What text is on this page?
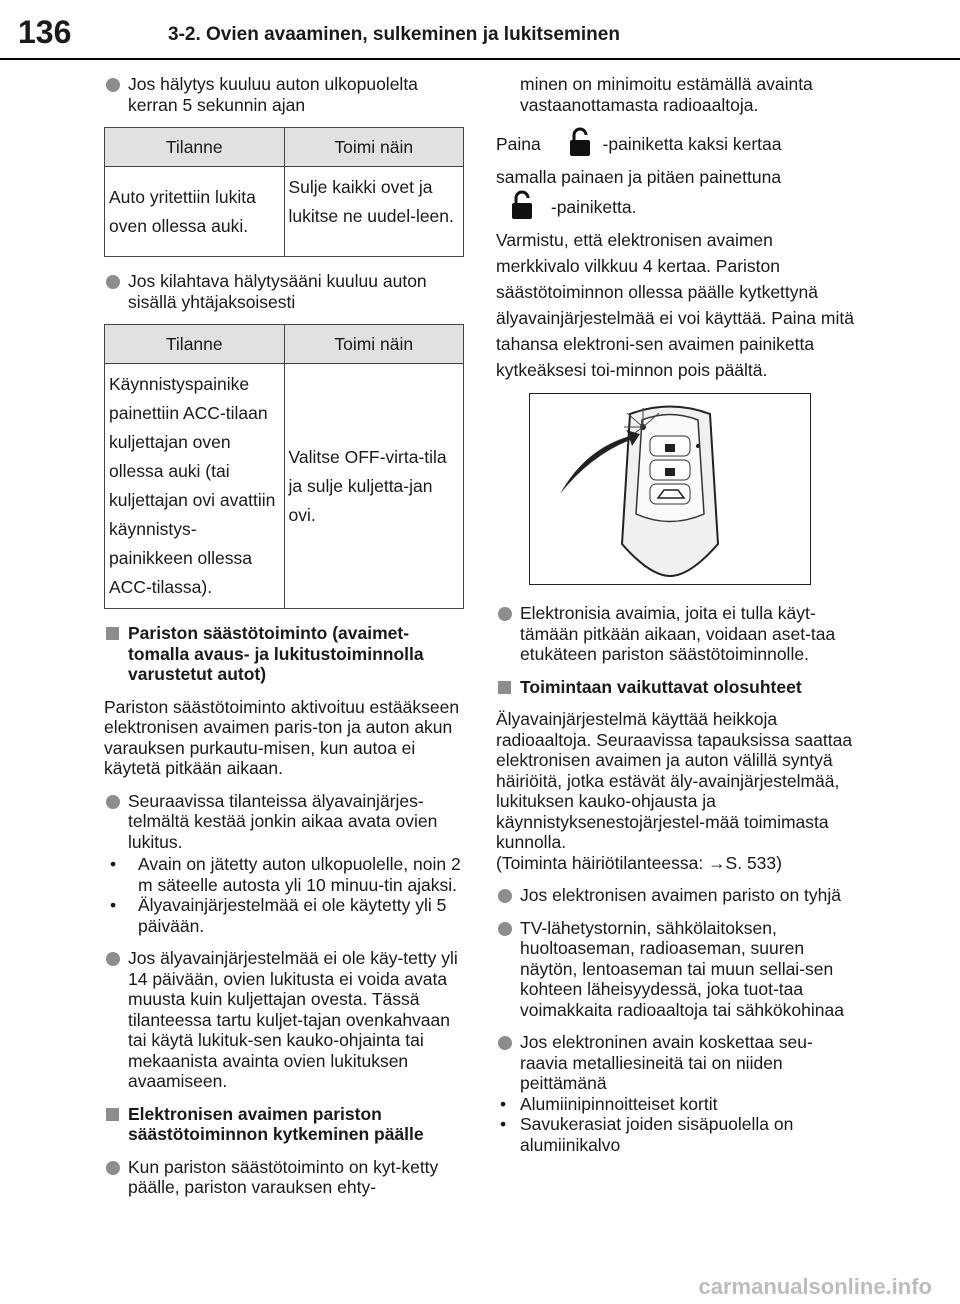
136	3-2. Ovien avaaminen, sulkeminen ja lukitseminen
Jos hälytys kuuluu auton ulkopuolelta kerran 5 sekunnin ajan
Tilanne	Toimi näin
Auto yritettiin lukita oven ollessa auki.	Sulje kaikki ovet ja lukitse ne uudel-leen.
Jos kilahtava hälytysääni kuuluu auton sisällä yhtäjaksoisesti
Tilanne	Toimi näin
Käynnistyspainike painettiin ACC-tilaan kuljettajan oven ollessa auki (tai kuljettajan ovi avattiin käynnistys-painikkeen ollessa ACC-tilassa).	Valitse OFF-virta-tila ja sulje kuljetta-jan ovi.
Pariston säästötoiminto (avaimet-tomalla avaus- ja lukitustoiminnolla varustetut autot)
Pariston säästötoiminto aktivoituu estääkseen elektronisen avaimen paris-ton ja auton akun varauksen purkautu-misen, kun autoa ei käytetä pitkään aikaan.
Seuraavissa tilanteissa älyavainjärjes-telmältä kestää jonkin aikaa avata ovien lukitus.
• Avain on jätetty auton ulkopuolelle, noin 2 m säteelle autosta yli 10 minuu-tin ajaksi.
• Älyavainjärjestelmää ei ole käytetty yli 5 päivään.
Jos älyavainjärjestelmää ei ole käy-tetty yli 14 päivään, ovien lukitusta ei voida avata muusta kuin kuljettajan ovesta. Tässä tilanteessa tartu kuljet-tajan ovenkahvaan tai käytä lukituk-sen kauko-ohjainta tai mekaanista avainta ovien lukituksen avaamiseen.
Elektronisen avaimen pariston säästötoiminnon kytkeminen päälle
Kun pariston säästötoiminto on kyt-ketty päälle, pariston varauksen ehty-
minen on minimoitu estämällä avainta vastaanottamasta radioaaltoja.
Paina	-painiketta kaksi kertaa
samalla painaen ja pitäen painettuna
-painiketta.
Varmistu, että elektronisen avaimen merkkivalo vilkkuu 4 kertaa. Pariston säästötoiminnon ollessa päälle kytkettynä älyavainjärjestelmää ei voi käyttää. Paina mitä tahansa elektroni-sen avaimen painiketta kytkeäksesi toi-minnon pois päältä.
Elektronisia avaimia, joita ei tulla käyt-tämään pitkään aikaan, voidaan aset-taa etukäteen pariston säästötoiminnolle.
Toimintaan vaikuttavat olosuhteet
Älyavainjärjestelmä käyttää heikkoja radioaaltoja. Seuraavissa tapauksissa saattaa elektronisen avaimen ja auton välillä syntyä häiriöitä, jotka estävät äly-avainjärjestelmää, lukituksen kauko-ohjausta ja käynnistyksenestojärjestel-mää toimimasta kunnolla.
(Toiminta häiriötilanteessa: →S. 533)
Jos elektronisen avaimen paristo on tyhjä
TV-lähetystornin, sähkölaitoksen, huoltoaseman, radioaseman, suuren näytön, lentoaseman tai muun sellai-sen kohteen läheisyydessä, joka tuot-taa voimakkaita radioaaltoja tai sähkökohinaa
Jos elektroninen avain koskettaa seu-raavia metalliesineitä tai on niiden peittämänä
• Alumiinipinnoitteiset kortit
• Savukerasiat joiden sisäpuolella on alumiinikalvo
carmanualsonline.info
